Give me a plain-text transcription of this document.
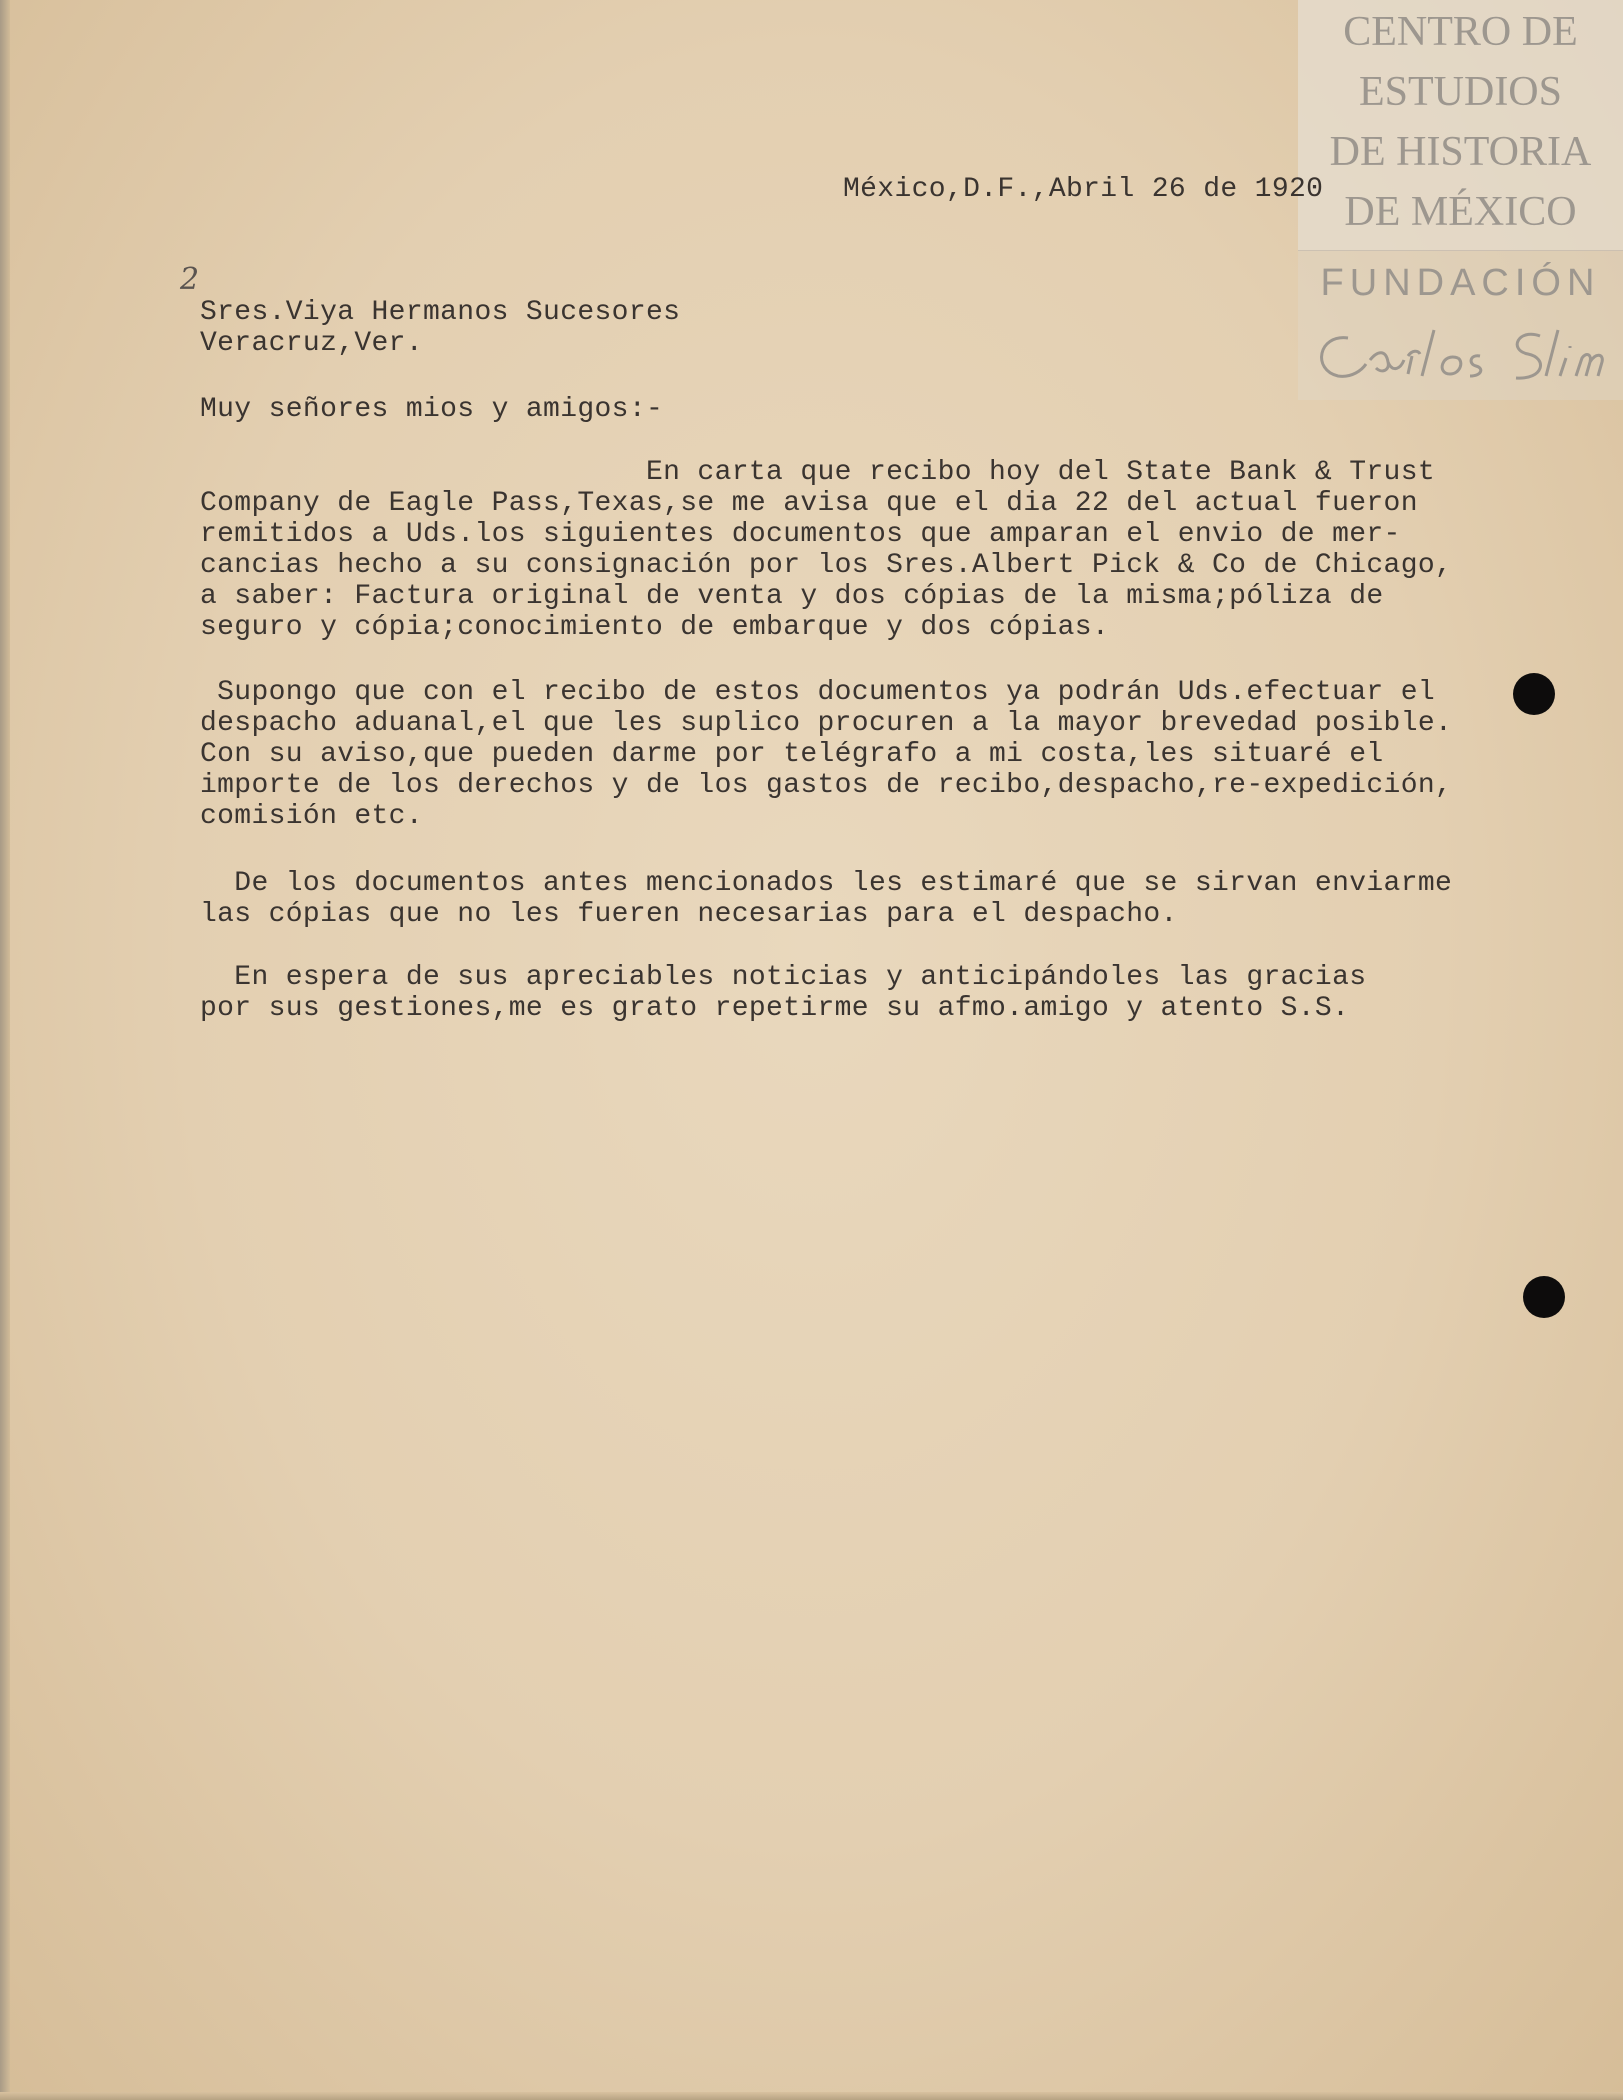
CENTRO DE
ESTUDIOS
DE HISTORIA
DE MÉXICO
FUNDACIÓN
México,D.F.,Abril 26 de 1920
2
Sres.Viya Hermanos Sucesores
Veracruz,Ver.
Muy señores mios y amigos:-
En carta que recibo hoy del State Bank & Trust
Company de Eagle Pass,Texas,se me avisa que el dia 22 del actual fueron
remitidos a Uds.los siguientes documentos que amparan el envio de mer-
cancias hecho a su consignación por los Sres.Albert Pick & Co de Chicago,
a saber: Factura original de venta y dos cópias de la misma;póliza de
seguro y cópia;conocimiento de embarque y dos cópias.
Supongo que con el recibo de estos documentos ya podrán Uds.efectuar el
despacho aduanal,el que les suplico procuren a la mayor brevedad posible.
Con su aviso,que pueden darme por telégrafo a mi costa,les situaré el
importe de los derechos y de los gastos de recibo,despacho,re-expedición,
comisión etc.
De los documentos antes mencionados les estimaré que se sirvan enviarme
las cópias que no les fueren necesarias para el despacho.
En espera de sus apreciables noticias y anticipándoles las gracias
por sus gestiones,me es grato repetirme su afmo.amigo y atento S.S.
